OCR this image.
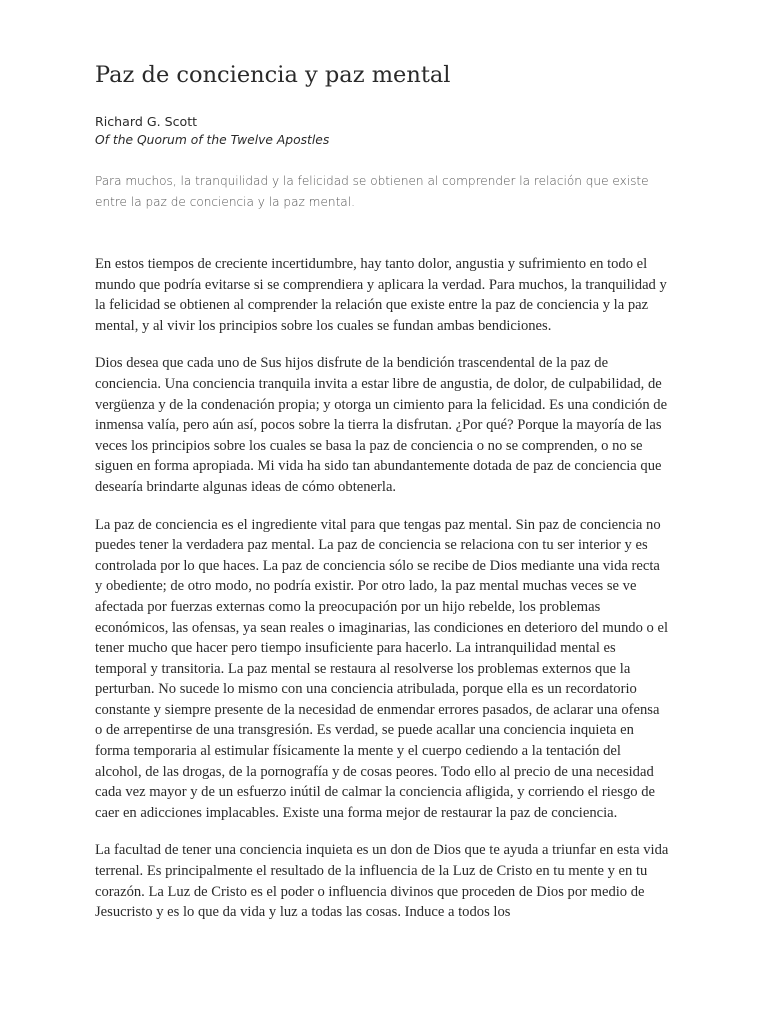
Paz de conciencia y paz mental
Richard G. Scott
Of the Quorum of the Twelve Apostles

Para muchos, la tranquilidad y la felicidad se obtienen al comprender la relación que existe entre la paz de conciencia y la paz mental.

En estos tiempos de creciente incertidumbre, hay tanto dolor, angustia y sufrimiento en todo el mundo que podría evitarse si se comprendiera y aplicara la verdad. Para muchos, la tranquilidad y la felicidad se obtienen al comprender la relación que existe entre la paz de conciencia y la paz mental, y al vivir los principios sobre los cuales se fundan ambas bendiciones.

Dios desea que cada uno de Sus hijos disfrute de la bendición trascendental de la paz de conciencia. Una conciencia tranquila invita a estar libre de angustia, de dolor, de culpabilidad, de vergüenza y de la condenación propia; y otorga un cimiento para la felicidad. Es una condición de inmensa valía, pero aún así, pocos sobre la tierra la disfrutan. ¿Por qué? Porque la mayoría de las veces los principios sobre los cuales se basa la paz de conciencia o no se comprenden, o no se siguen en forma apropiada. Mi vida ha sido tan abundantemente dotada de paz de conciencia que desearía brindarte algunas ideas de cómo obtenerla.

La paz de conciencia es el ingrediente vital para que tengas paz mental. Sin paz de conciencia no puedes tener la verdadera paz mental. La paz de conciencia se relaciona con tu ser interior y es controlada por lo que haces. La paz de conciencia sólo se recibe de Dios mediante una vida recta y obediente; de otro modo, no podría existir. Por otro lado, la paz mental muchas veces se ve afectada por fuerzas externas como la preocupación por un hijo rebelde, los problemas económicos, las ofensas, ya sean reales o imaginarias, las condiciones en deterioro del mundo o el tener mucho que hacer pero tiempo insuficiente para hacerlo. La intranquilidad mental es temporal y transitoria. La paz mental se restaura al resolverse los problemas externos que la perturban. No sucede lo mismo con una conciencia atribulada, porque ella es un recordatorio constante y siempre presente de la necesidad de enmendar errores pasados, de aclarar una ofensa o de arrepentirse de una transgresión. Es verdad, se puede acallar una conciencia inquieta en forma temporaria al estimular físicamente la mente y el cuerpo cediendo a la tentación del alcohol, de las drogas, de la pornografía y de cosas peores. Todo ello al precio de una necesidad cada vez mayor y de un esfuerzo inútil de calmar la conciencia afligida, y corriendo el riesgo de caer en adicciones implacables. Existe una forma mejor de restaurar la paz de conciencia.

La facultad de tener una conciencia inquieta es un don de Dios que te ayuda a triunfar en esta vida terrenal. Es principalmente el resultado de la influencia de la Luz de Cristo en tu mente y en tu corazón. La Luz de Cristo es el poder o influencia divinos que proceden de Dios por medio de Jesucristo y es lo que da vida y luz a todas las cosas. Induce a todos los
